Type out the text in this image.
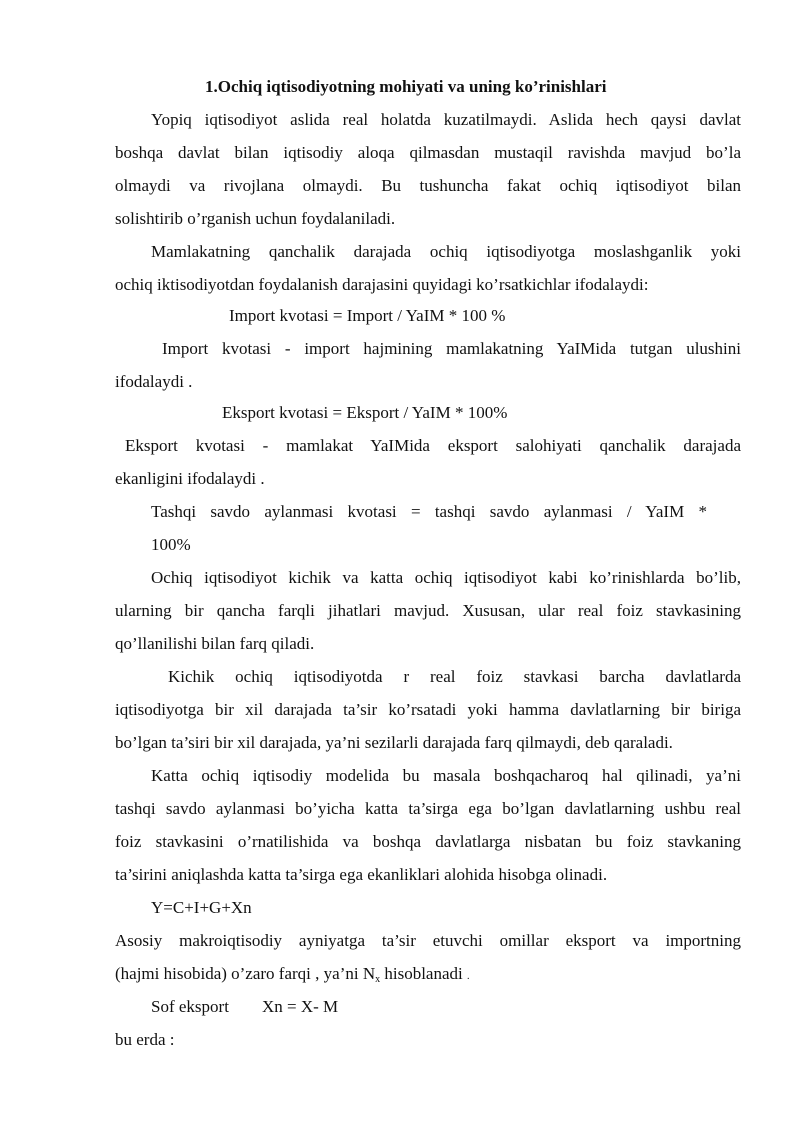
1.Ochiq iqtisodiyotning mohiyati va uning ko’rinishlari
Yopiq iqtisodiyot aslida real holatda kuzatilmaydi. Aslida hech qaysi davlat
boshqa davlat bilan iqtisodiy aloqa qilmasdan mustaqil ravishda mavjud bo’la
olmaydi va rivojlana olmaydi. Bu tushuncha fakat ochiq iqtisodiyot bilan
solishtirib o’rganish uchun foydalaniladi.
Mamlakatning qanchalik darajada ochiq iqtisodiyotga moslashganlik yoki
ochiq iktisodiyotdan foydalanish darajasini quyidagi ko’rsatkichlar ifodalaydi:
Import kvotasi = Import / YaIM * 100 %
Import kvotasi - import hajmining mamlakatning YaIMida tutgan ulushini
ifodalaydi .
Eksport kvotasi = Eksport / YaIM * 100%
Eksport kvotasi - mamlakat YaIMida eksport salohiyati qanchalik darajada
ekanligini ifodalaydi .
Tashqi savdo aylanmasi kvotasi = tashqi savdo aylanmasi / YaIM *
100%
Ochiq iqtisodiyot kichik va katta ochiq iqtisodiyot kabi ko’rinishlarda bo’lib,
ularning bir qancha farqli jihatlari mavjud. Xususan, ular real foiz stavkasining
qo’llanilishi bilan farq qiladi.
Kichik ochiq iqtisodiyotda r real foiz stavkasi barcha davlatlarda
iqtisodiyotga bir xil darajada ta’sir ko’rsatadi yoki hamma davlatlarning bir biriga
bo’lgan ta’siri bir xil darajada, ya’ni sezilarli darajada farq qilmaydi, deb qaraladi.
Katta ochiq iqtisodiy modelida bu masala boshqacharoq hal qilinadi, ya’ni
tashqi savdo aylanmasi bo’yicha katta ta’sirga ega bo’lgan davlatlarning ushbu real
foiz stavkasini o’rnatilishida va boshqa davlatlarga nisbatan bu foiz stavkaning
ta’sirini aniqlashda katta ta’sirga ega ekanliklari alohida hisobga olinadi.
Y=C+I+G+Xn
Asosiy makroiqtisodiy ayniyatga ta’sir etuvchi omillar eksport va importning
(hajmi hisobida) o’zaro farqi , ya’ni $N_x$ hisoblanadi .
Sof eksport Xn = X- M
bu erda :
